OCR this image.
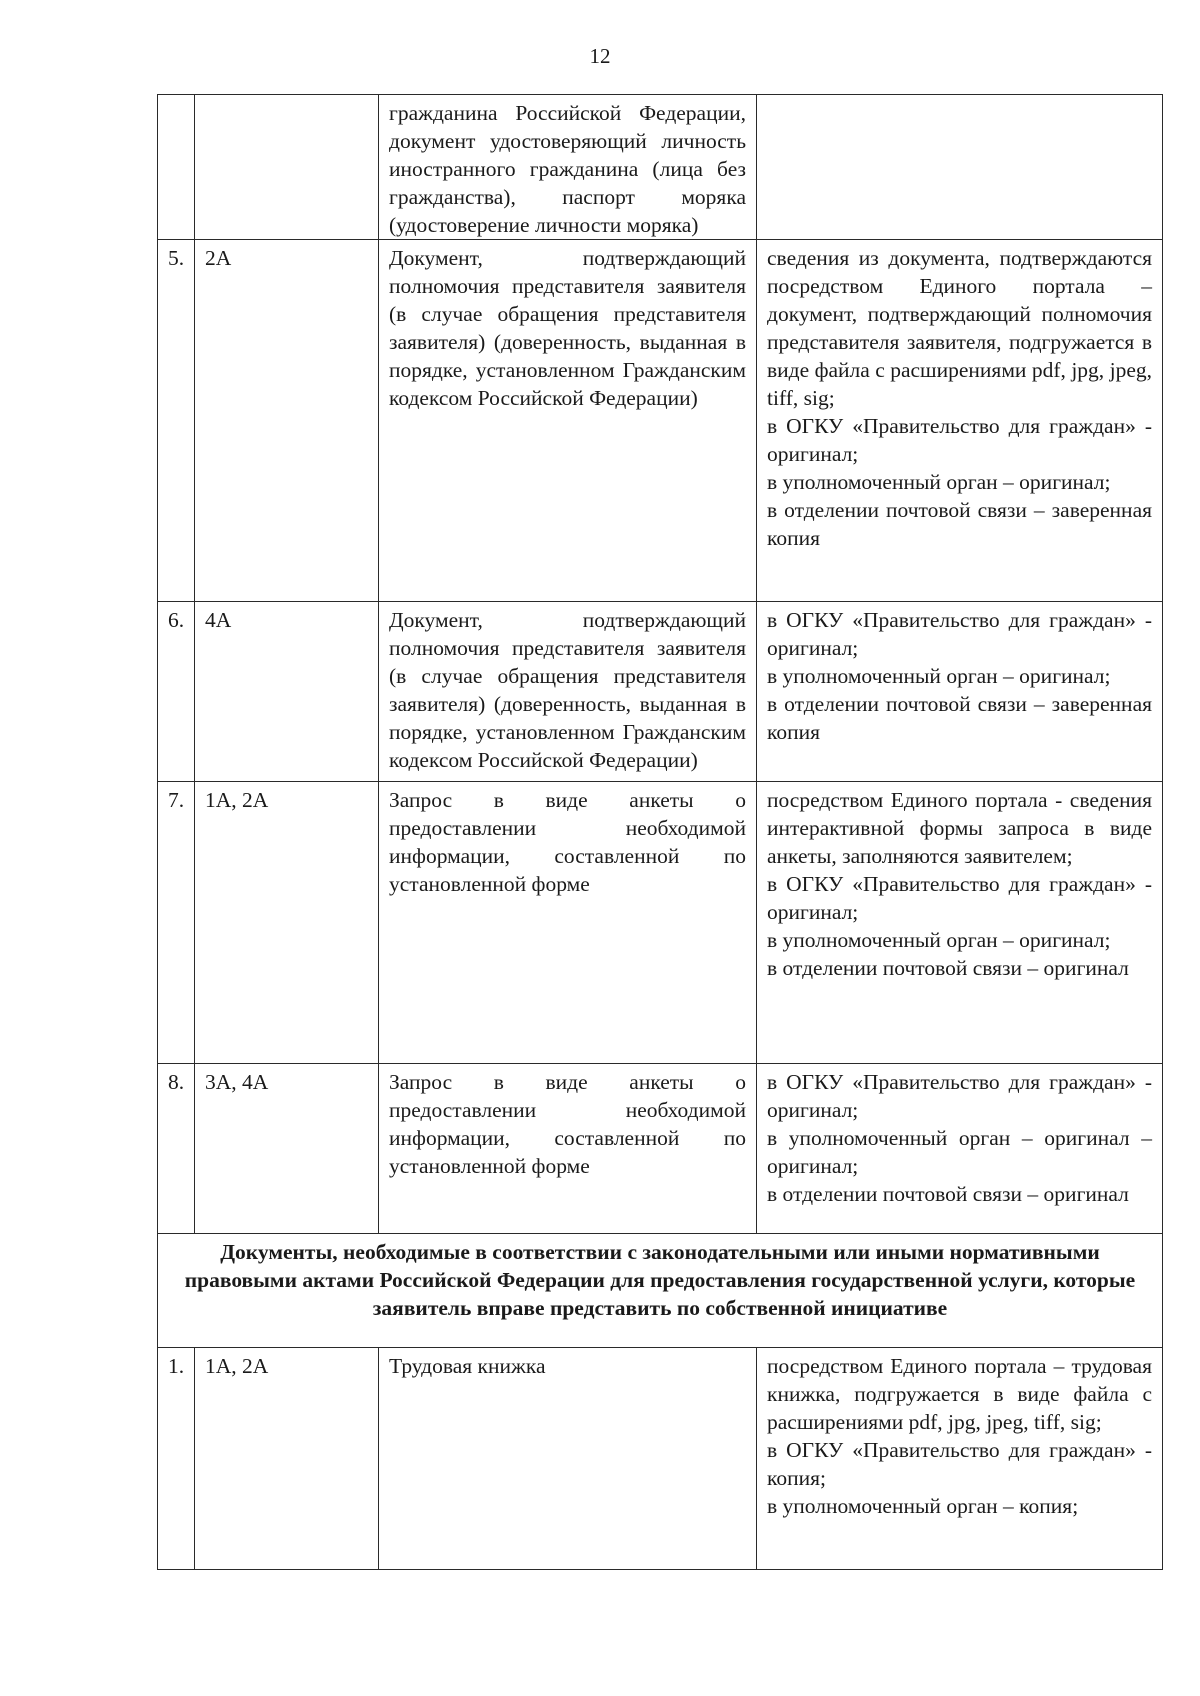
12

		гражданина Российской Федерации, документ удостоверяющий личность иностранного гражданина (лица без гражданства), паспорт моряка (удостоверение личности моряка)	

5.	2А	Документ, подтверждающий полномочия представителя заявителя (в случае обращения представителя заявителя) (доверенность, выданная в порядке, установленном Гражданским кодексом Российской Федерации)	сведения из документа, подтверждаются посредством Единого портала – документ, подтверждающий полномочия представителя заявителя, подгружается в виде файла с расширениями pdf, jpg, jpeg, tiff, sig;
в ОГКУ «Правительство для граждан» - оригинал;
в уполномоченный орган – оригинал;
в отделении почтовой связи – заверенная копия

6.	4А	Документ, подтверждающий полномочия представителя заявителя (в случае обращения представителя заявителя) (доверенность, выданная в порядке, установленном Гражданским кодексом Российской Федерации)	в ОГКУ «Правительство для граждан» - оригинал;
в уполномоченный орган – оригинал;
в отделении почтовой связи – заверенная копия

7.	1А, 2А	Запрос в виде анкеты о предоставлении необходимой информации, составленной по установленной форме	посредством Единого портала - сведения интерактивной формы запроса в виде анкеты, заполняются заявителем;
в ОГКУ «Правительство для граждан» - оригинал;
в уполномоченный орган – оригинал;
в отделении почтовой связи – оригинал

8.	3А, 4А	Запрос в виде анкеты о предоставлении необходимой информации, составленной по установленной форме	в ОГКУ «Правительство для граждан» - оригинал;
в уполномоченный орган – оригинал – оригинал;
в отделении почтовой связи – оригинал

Документы, необходимые в соответствии с законодательными или иными нормативными правовыми актами Российской Федерации для предоставления государственной услуги, которые заявитель вправе представить по собственной инициативе			
1.	1А, 2А	Трудовая книжка	посредством Единого портала – трудовая книжка, подгружается в виде файла с расширениями pdf, jpg, jpeg, tiff, sig;
в ОГКУ «Правительство для граждан» - копия;
в уполномоченный орган – копия;
